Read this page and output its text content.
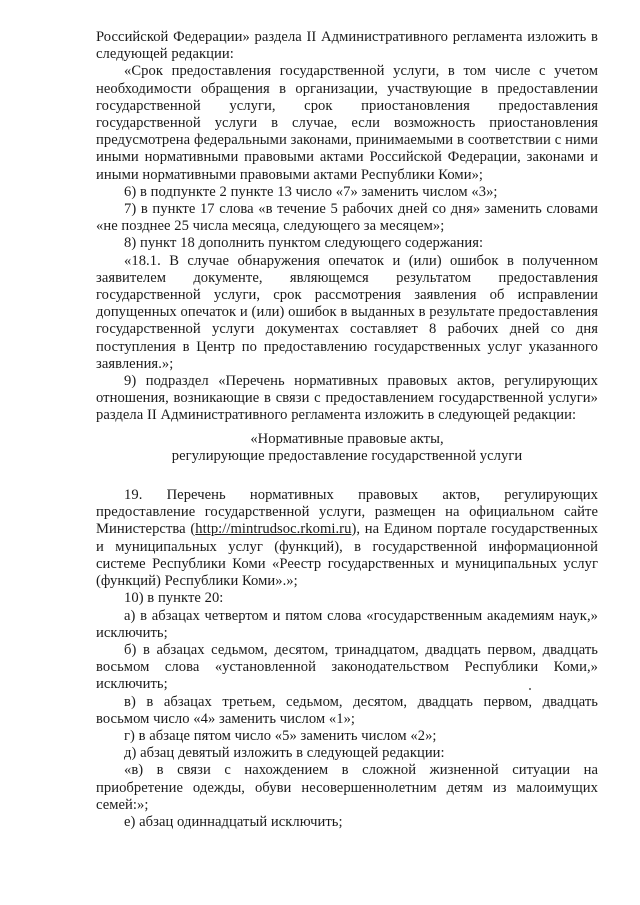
Российской Федерации» раздела II Административного регламента изложить в следующей редакции:

«Срок предоставления государственной услуги, в том числе с учетом необходимости обращения в организации, участвующие в предоставлении государственной услуги, срок приостановления предоставления государственной услуги в случае, если возможность приостановления предусмотрена федеральными законами, принимаемыми в соответствии с ними иными нормативными правовыми актами Российской Федерации, законами и иными нормативными правовыми актами Республики Коми»;

6) в подпункте 2 пункте 13 число «7» заменить числом «3»;

7) в пункте 17 слова «в течение 5 рабочих дней со дня» заменить словами «не позднее 25 числа месяца, следующего за месяцем»;

8) пункт 18 дополнить пунктом следующего содержания:

«18.1. В случае обнаружения опечаток и (или) ошибок в полученном заявителем документе, являющемся результатом предоставления государственной услуги, срок рассмотрения заявления об исправлении допущенных опечаток и (или) ошибок в выданных в результате предоставления государственной услуги документах составляет 8 рабочих дней со дня поступления в Центр по предоставлению государственных услуг указанного заявления.»;

9) подраздел «Перечень нормативных правовых актов, регулирующих отношения, возникающие в связи с предоставлением государственной услуги» раздела II Административного регламента изложить в следующей редакции:

«Нормативные правовые акты,

регулирующие предоставление государственной услуги

19. Перечень нормативных правовых актов, регулирующих предоставление государственной услуги, размещен на официальном сайте Министерства (http://mintrudsoc.rkomi.ru), на Едином портале государственных и муниципальных услуг (функций), в государственной информационной системе Республики Коми «Реестр государственных и муниципальных услуг (функций) Республики Коми».»;

10) в пункте 20:

а) в абзацах четвертом и пятом слова «государственным академиям наук,» исключить;

б) в абзацах седьмом, десятом, тринадцатом, двадцать первом, двадцать восьмом слова «установленной законодательством Республики Коми,» исключить;

в) в абзацах третьем, седьмом, десятом, двадцать первом, двадцать восьмом число «4» заменить числом «1»;

г) в абзаце пятом число «5» заменить числом «2»;

д) абзац девятый изложить в следующей редакции:

«в) в связи с нахождением в сложной жизненной ситуации на приобретение одежды, обуви несовершеннолетним детям из малоимущих семей:»;

е) абзац одиннадцатый исключить;
